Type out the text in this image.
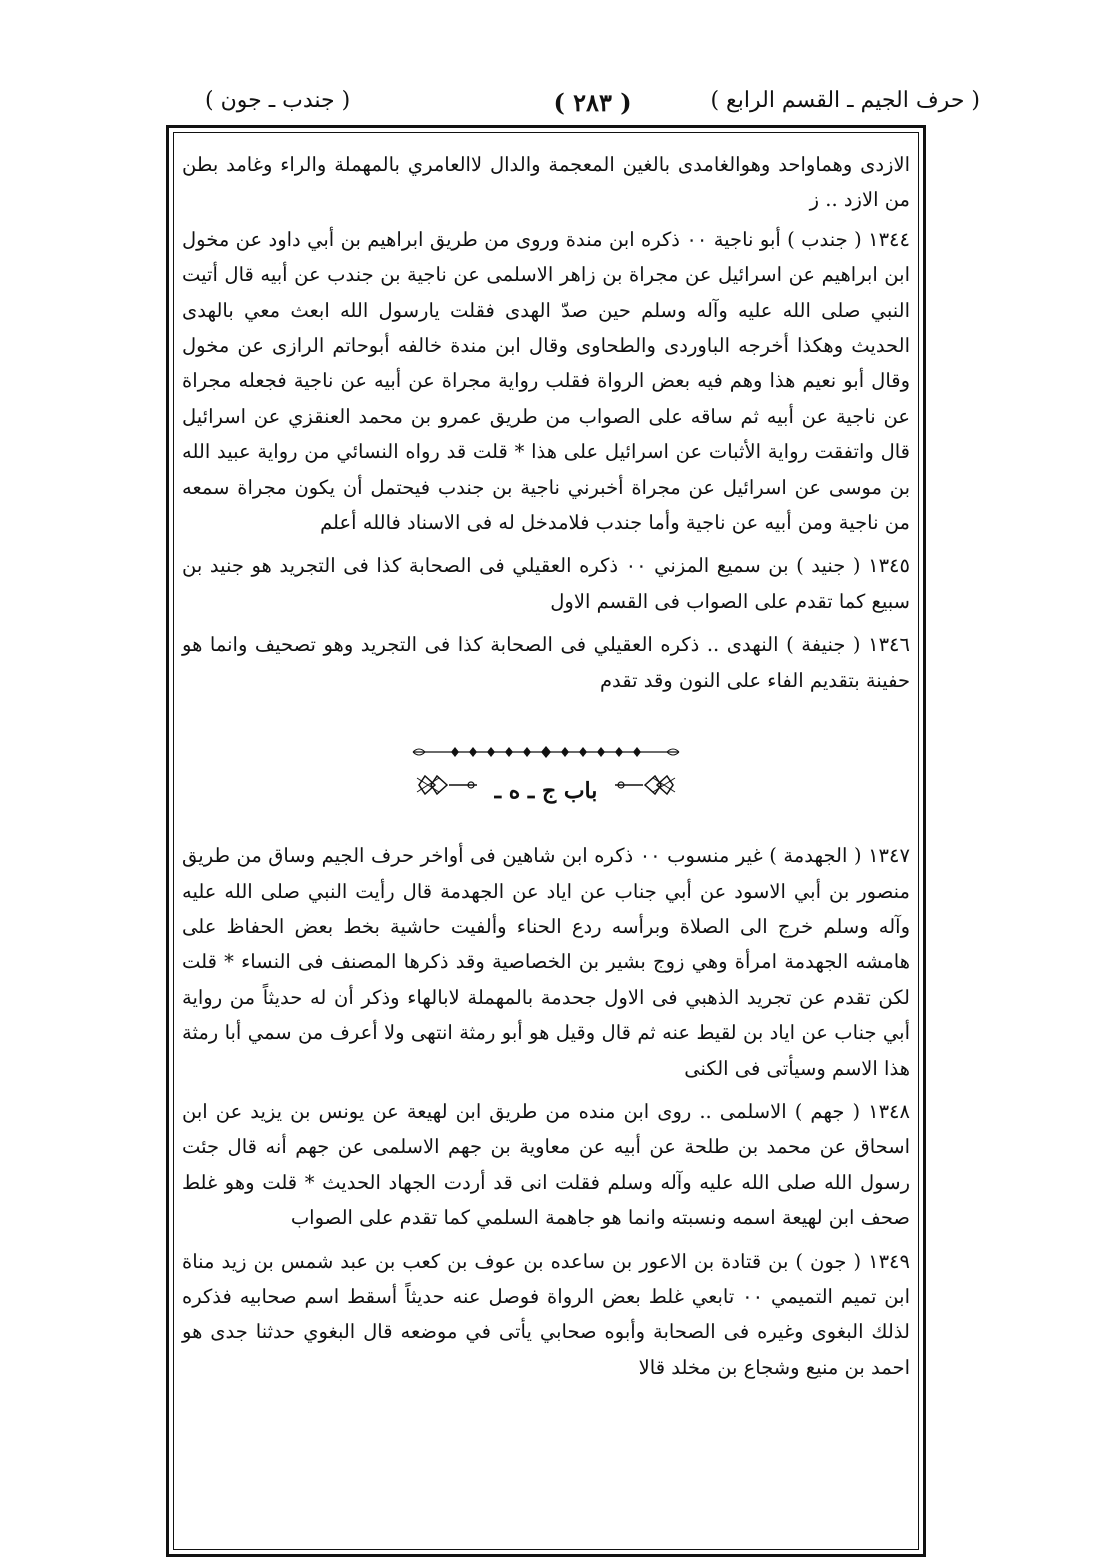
( حرف الجيم ـ القسم الرابع )
( ٢٨٣ )
( جندب ـ جون )

الازدى وهماواحد وهوالغامدى بالغين المعجمة والدال لاالعامري بالمهملة والراء وغامد بطن من الازد .. ز

١٣٤٤ ( جندب ) أبو ناجية ٠٠ ذكره ابن مندة وروى من طريق ابراهيم بن أبي داود عن مخول ابن ابراهيم عن اسرائيل عن مجراة بن زاهر الاسلمى عن ناجية بن جندب عن أبيه قال أتيت النبي صلى الله عليه وآله وسلم حين صدّ الهدى فقلت يارسول الله ابعث معي بالهدى الحديث وهكذا أخرجه الباوردى والطحاوى وقال ابن مندة خالفه أبوحاتم الرازى عن مخول وقال أبو نعيم هذا وهم فيه بعض الرواة فقلب رواية مجراة عن أبيه عن ناجية فجعله مجراة عن ناجية عن أبيه ثم ساقه على الصواب من طريق عمرو بن محمد العنقزي عن اسرائيل قال واتفقت رواية الأثبات عن اسرائيل على هذا * قلت قد رواه النسائي من رواية عبيد الله بن موسى عن اسرائيل عن مجراة أخبرني ناجية بن جندب فيحتمل أن يكون مجراة سمعه من ناجية ومن أبيه عن ناجية وأما جندب فلامدخل له فى الاسناد فالله أعلم

١٣٤٥ ( جنيد ) بن سميع المزني ٠٠ ذكره العقيلي فى الصحابة كذا فى التجريد هو جنيد بن سبيع كما تقدم على الصواب فى القسم الاول

١٣٤٦ ( جنيفة ) النهدى .. ذكره العقيلي فى الصحابة كذا فى التجريد وهو تصحيف وانما هو حفينة بتقديم الفاء على النون وقد تقدم

باب ج ـ ه ـ

١٣٤٧ ( الجهدمة ) غير منسوب ٠٠ ذكره ابن شاهين فى أواخر حرف الجيم وساق من طريق منصور بن أبي الاسود عن أبي جناب عن اياد عن الجهدمة قال رأيت النبي صلى الله عليه وآله وسلم خرج الى الصلاة وبرأسه ردع الحناء وألفيت حاشية بخط بعض الحفاظ على هامشه الجهدمة امرأة وهي زوج بشير بن الخصاصية وقد ذكرها المصنف فى النساء * قلت لكن تقدم عن تجريد الذهبي فى الاول جحدمة بالمهملة لابالهاء وذكر أن له حديثاً من رواية أبي جناب عن اياد بن لقيط عنه ثم قال وقيل هو أبو رمثة انتهى ولا أعرف من سمي أبا رمثة هذا الاسم وسيأتى فى الكنى

١٣٤٨ ( جهم ) الاسلمى .. روى ابن منده من طريق ابن لهيعة عن يونس بن يزيد عن ابن اسحاق عن محمد بن طلحة عن أبيه عن معاوية بن جهم الاسلمى عن جهم أنه قال جئت رسول الله صلى الله عليه وآله وسلم فقلت انى قد أردت الجهاد الحديث * قلت وهو غلط صحف ابن لهيعة اسمه ونسبته وانما هو جاهمة السلمي كما تقدم على الصواب

١٣٤٩ ( جون ) بن قتادة بن الاعور بن ساعده بن عوف بن كعب بن عبد شمس بن زيد مناة ابن تميم التميمي ٠٠ تابعي غلط بعض الرواة فوصل عنه حديثاً أسقط اسم صحابيه فذكره لذلك البغوى وغيره فى الصحابة وأبوه صحابي يأتى في موضعه قال البغوي حدثنا جدى هو احمد بن منيع وشجاع بن مخلد قالا
